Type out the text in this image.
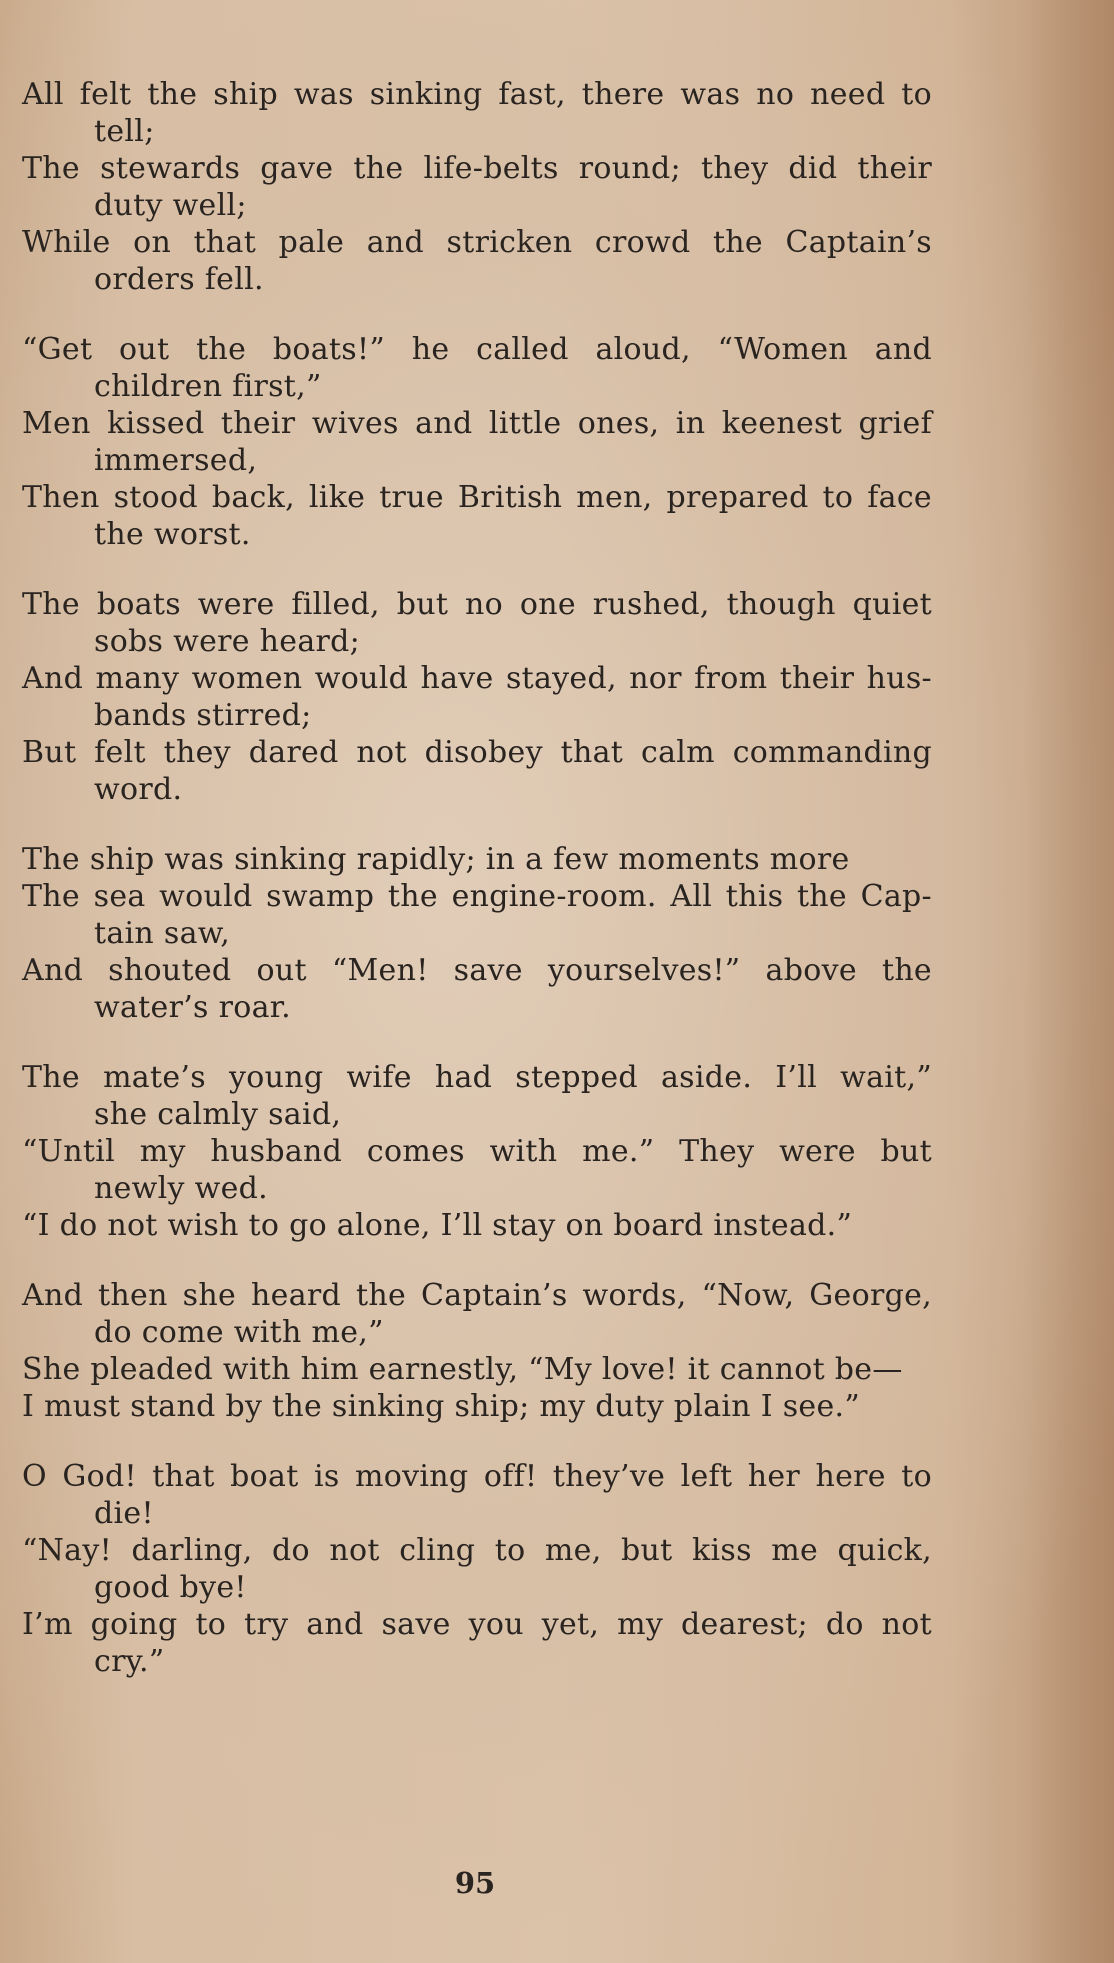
All felt the ship was sinking fast, there was no need to
tell;
The stewards gave the life-belts round; they did their
duty well;
While on that pale and stricken crowd the Captain’s
orders fell.
“Get out the boats!” he called aloud, “Women and
children first,”
Men kissed their wives and little ones, in keenest grief
immersed,
Then stood back, like true British men, prepared to face
the worst.
The boats were filled, but no one rushed, though quiet
sobs were heard;
And many women would have stayed, nor from their hus-
bands stirred;
But felt they dared not disobey that calm commanding
word.
The ship was sinking rapidly; in a few moments more
The sea would swamp the engine-room. All this the Cap-
tain saw,
And shouted out “Men! save yourselves!” above the
water’s roar.
The mate’s young wife had stepped aside. I’ll wait,”
she calmly said,
“Until my husband comes with me.” They were but
newly wed.
“I do not wish to go alone, I’ll stay on board instead.”
And then she heard the Captain’s words, “Now, George,
do come with me,”
She pleaded with him earnestly, “My love! it cannot be—
I must stand by the sinking ship; my duty plain I see.”
O God! that boat is moving off! they’ve left her here to
die!
“Nay! darling, do not cling to me, but kiss me quick,
good bye!
I’m going to try and save you yet, my dearest; do not
cry.”
95
